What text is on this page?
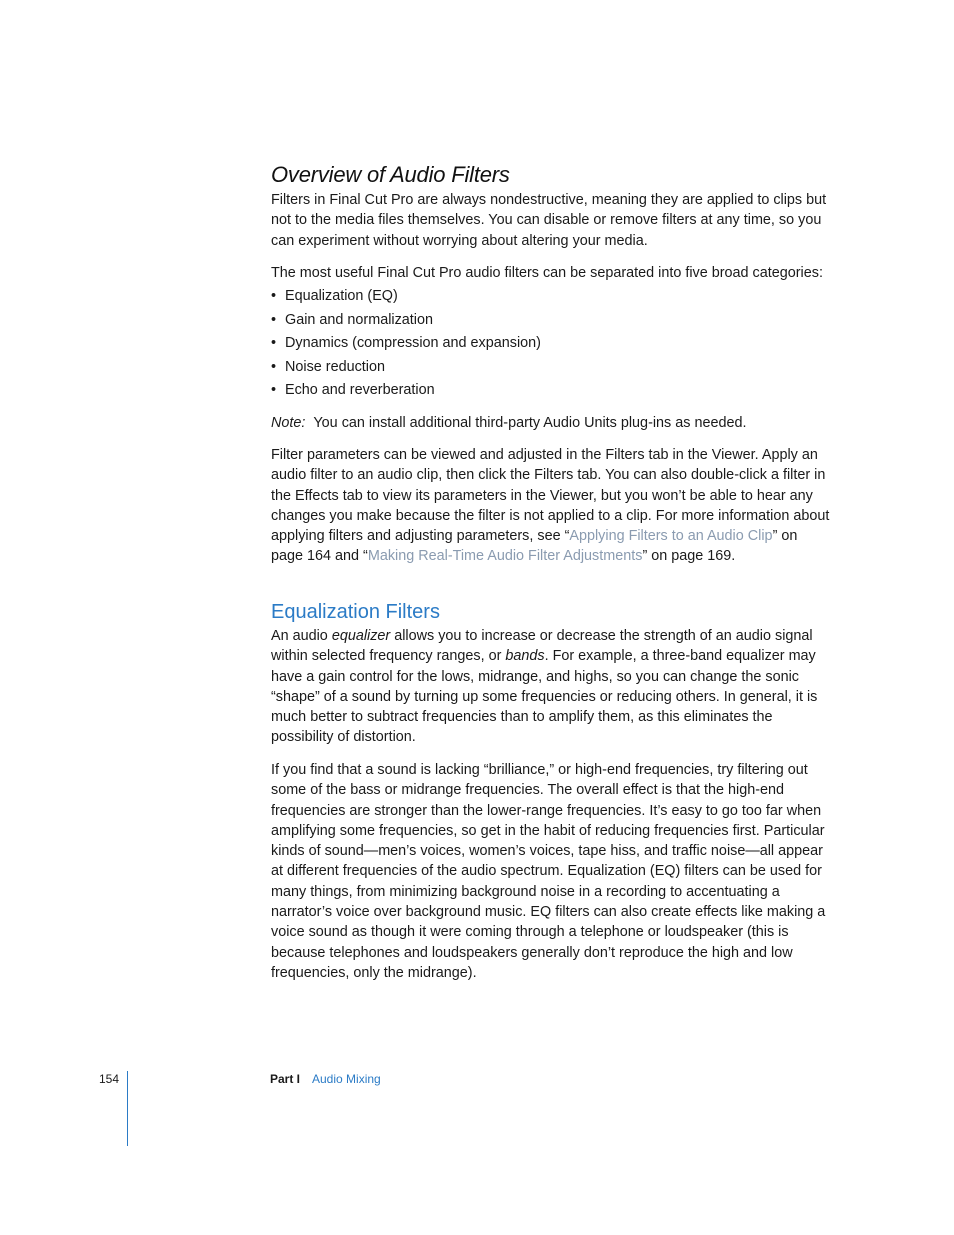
Overview of Audio Filters

Filters in Final Cut Pro are always nondestructive, meaning they are applied to clips but not to the media files themselves. You can disable or remove filters at any time, so you can experiment without worrying about altering your media.

The most useful Final Cut Pro audio filters can be separated into five broad categories:

• Equalization (EQ)
• Gain and normalization
• Dynamics (compression and expansion)
• Noise reduction
• Echo and reverberation

Note: You can install additional third-party Audio Units plug-ins as needed.

Filter parameters can be viewed and adjusted in the Filters tab in the Viewer. Apply an audio filter to an audio clip, then click the Filters tab. You can also double-click a filter in the Effects tab to view its parameters in the Viewer, but you won’t be able to hear any changes you make because the filter is not applied to a clip. For more information about applying filters and adjusting parameters, see “Applying Filters to an Audio Clip” on page 164 and “Making Real-Time Audio Filter Adjustments” on page 169.

Equalization Filters

An audio equalizer allows you to increase or decrease the strength of an audio signal within selected frequency ranges, or bands. For example, a three-band equalizer may have a gain control for the lows, midrange, and highs, so you can change the sonic “shape” of a sound by turning up some frequencies or reducing others. In general, it is much better to subtract frequencies than to amplify them, as this eliminates the possibility of distortion.

If you find that a sound is lacking “brilliance,” or high-end frequencies, try filtering out some of the bass or midrange frequencies. The overall effect is that the high-end frequencies are stronger than the lower-range frequencies. It’s easy to go too far when amplifying some frequencies, so get in the habit of reducing frequencies first. Particular kinds of sound—men’s voices, women’s voices, tape hiss, and traffic noise—all appear at different frequencies of the audio spectrum. Equalization (EQ) filters can be used for many things, from minimizing background noise in a recording to accentuating a narrator’s voice over background music. EQ filters can also create effects like making a voice sound as though it were coming through a telephone or loudspeaker (this is because telephones and loudspeakers generally don’t reproduce the high and low frequencies, only the midrange).

154	Part I Audio Mixing
